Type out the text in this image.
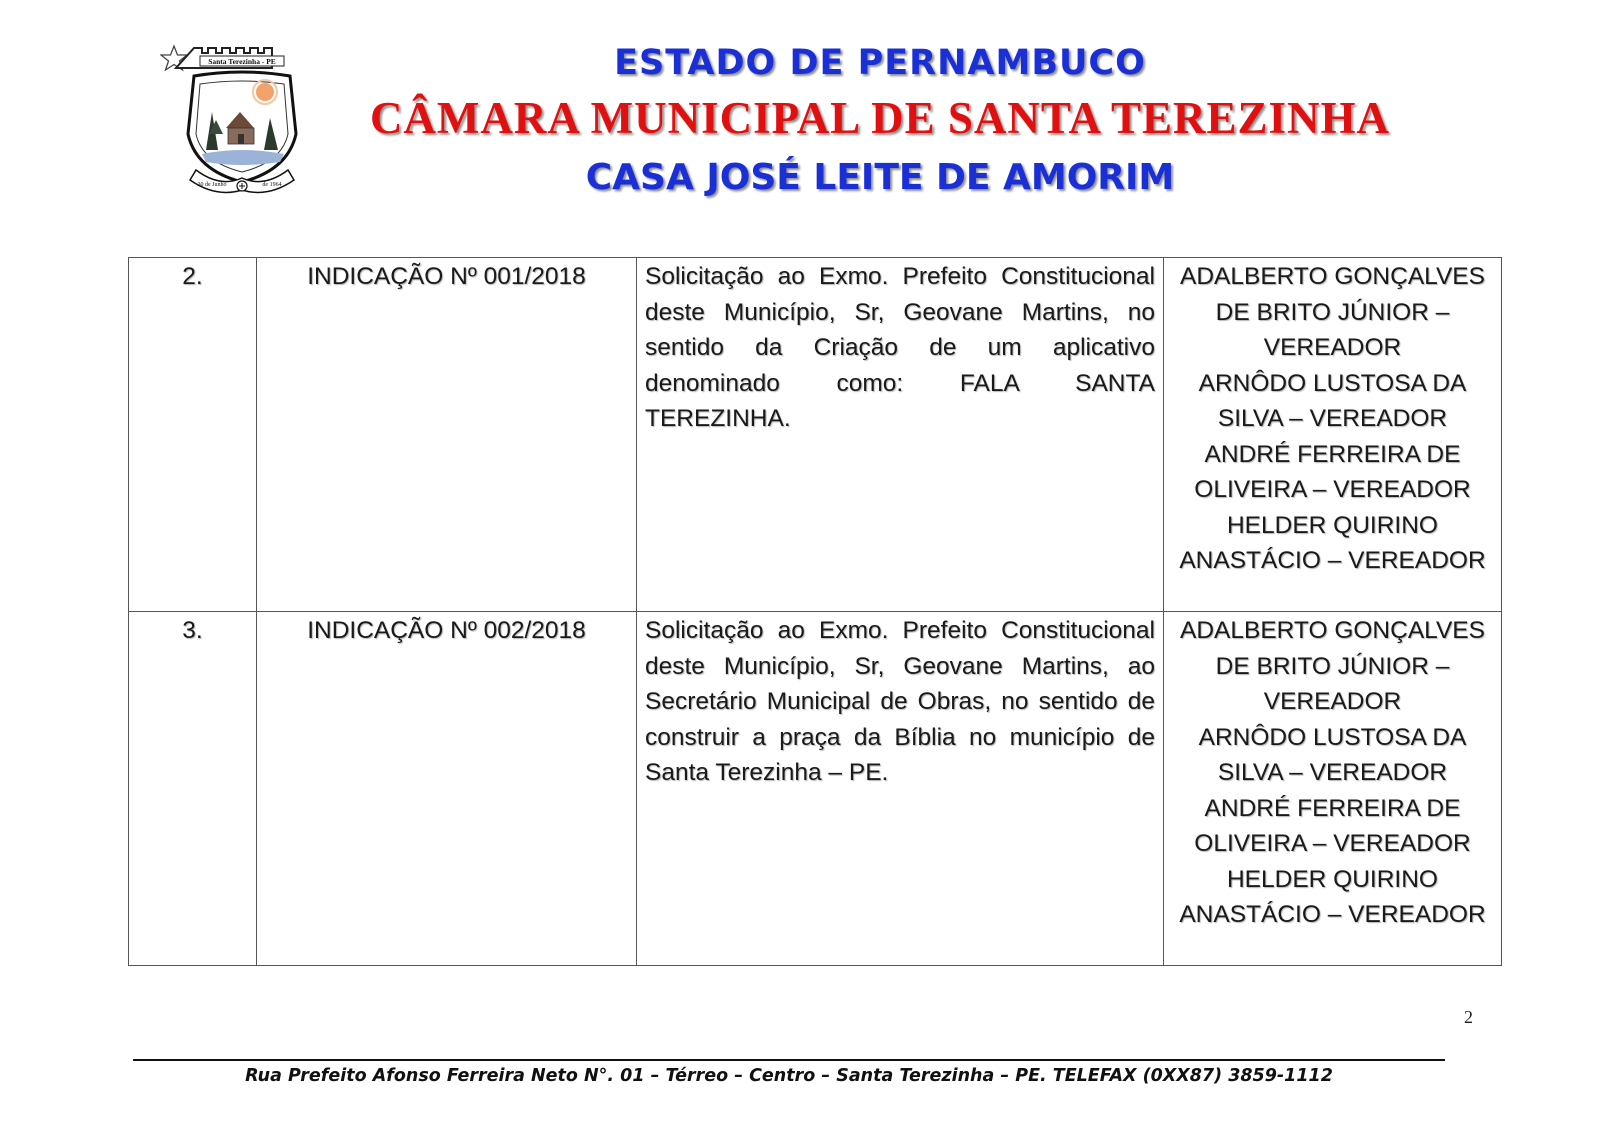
Santa Terezinha - PE
30 de Junho	de 1964
ESTADO DE PERNAMBUCO
CÂMARA MUNICIPAL DE SANTA TEREZINHA
CASA JOSÉ LEITE DE AMORIM
2.	INDICAÇÃO Nº 001/2018	Solicitação ao Exmo. Prefeito Constitucional deste Município, Sr, Geovane Martins, no sentido da Criação de um aplicativo denominado como: FALA SANTA TEREZINHA.	ADALBERTO GONÇALVES DE BRITO JÚNIOR – VEREADOR
ARNÔDO LUSTOSA DA SILVA – VEREADOR
ANDRÉ FERREIRA DE OLIVEIRA – VEREADOR
HELDER QUIRINO ANASTÁCIO – VEREADOR

3.	INDICAÇÃO Nº 002/2018	Solicitação ao Exmo. Prefeito Constitucional deste Município, Sr, Geovane Martins, ao Secretário Municipal de Obras, no sentido de construir a praça da Bíblia no município de Santa Terezinha – PE.	ADALBERTO GONÇALVES DE BRITO JÚNIOR – VEREADOR
ARNÔDO LUSTOSA DA SILVA – VEREADOR
ANDRÉ FERREIRA DE OLIVEIRA – VEREADOR
HELDER QUIRINO ANASTÁCIO – VEREADOR
2
Rua Prefeito Afonso Ferreira Neto N°. 01 – Térreo – Centro – Santa Terezinha – PE. TELEFAX (0XX87) 3859-1112
